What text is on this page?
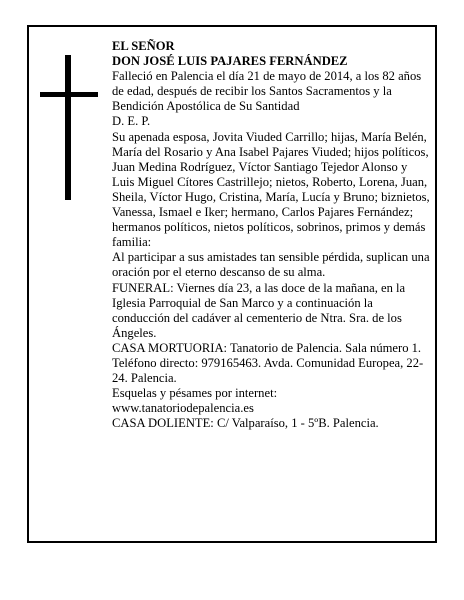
EL SEÑOR

DON JOSÉ LUIS PAJARES FERNÁNDEZ

Falleció en Palencia el día 21 de mayo de 2014, a los 82 años de edad, después de recibir los Santos Sacramentos y la Bendición Apostólica de Su Santidad

D. E. P.

Su apenada esposa, Jovita Viuded Carrillo; hijas, María Belén, María del Rosario y Ana Isabel Pajares Viuded; hijos políticos, Juan Medina Rodríguez, Víctor Santiago Tejedor Alonso y Luis Miguel Cítores Castrillejo; nietos, Roberto, Lorena, Juan, Sheila, Víctor Hugo, Cristina, María, Lucía y Bruno; biznietos, Vanessa, Ismael e Iker; hermano, Carlos Pajares Fernández; hermanos políticos, nietos políticos, sobrinos, primos y demás familia:

Al participar a sus amistades tan sensible pérdida, suplican una oración por el eterno descanso de su alma.

FUNERAL: Viernes día 23, a las doce de la mañana, en la Iglesia Parroquial de San Marco y a continuación la conducción del cadáver al cementerio de Ntra. Sra. de los Ángeles.

CASA MORTUORIA: Tanatorio de Palencia. Sala número 1. Teléfono directo: 979165463. Avda. Comunidad Europea, 22-24. Palencia.

Esquelas y pésames por internet:

www.tanatoriodepalencia.es

CASA DOLIENTE: C/ Valparaíso, 1 - 5ºB. Palencia.
